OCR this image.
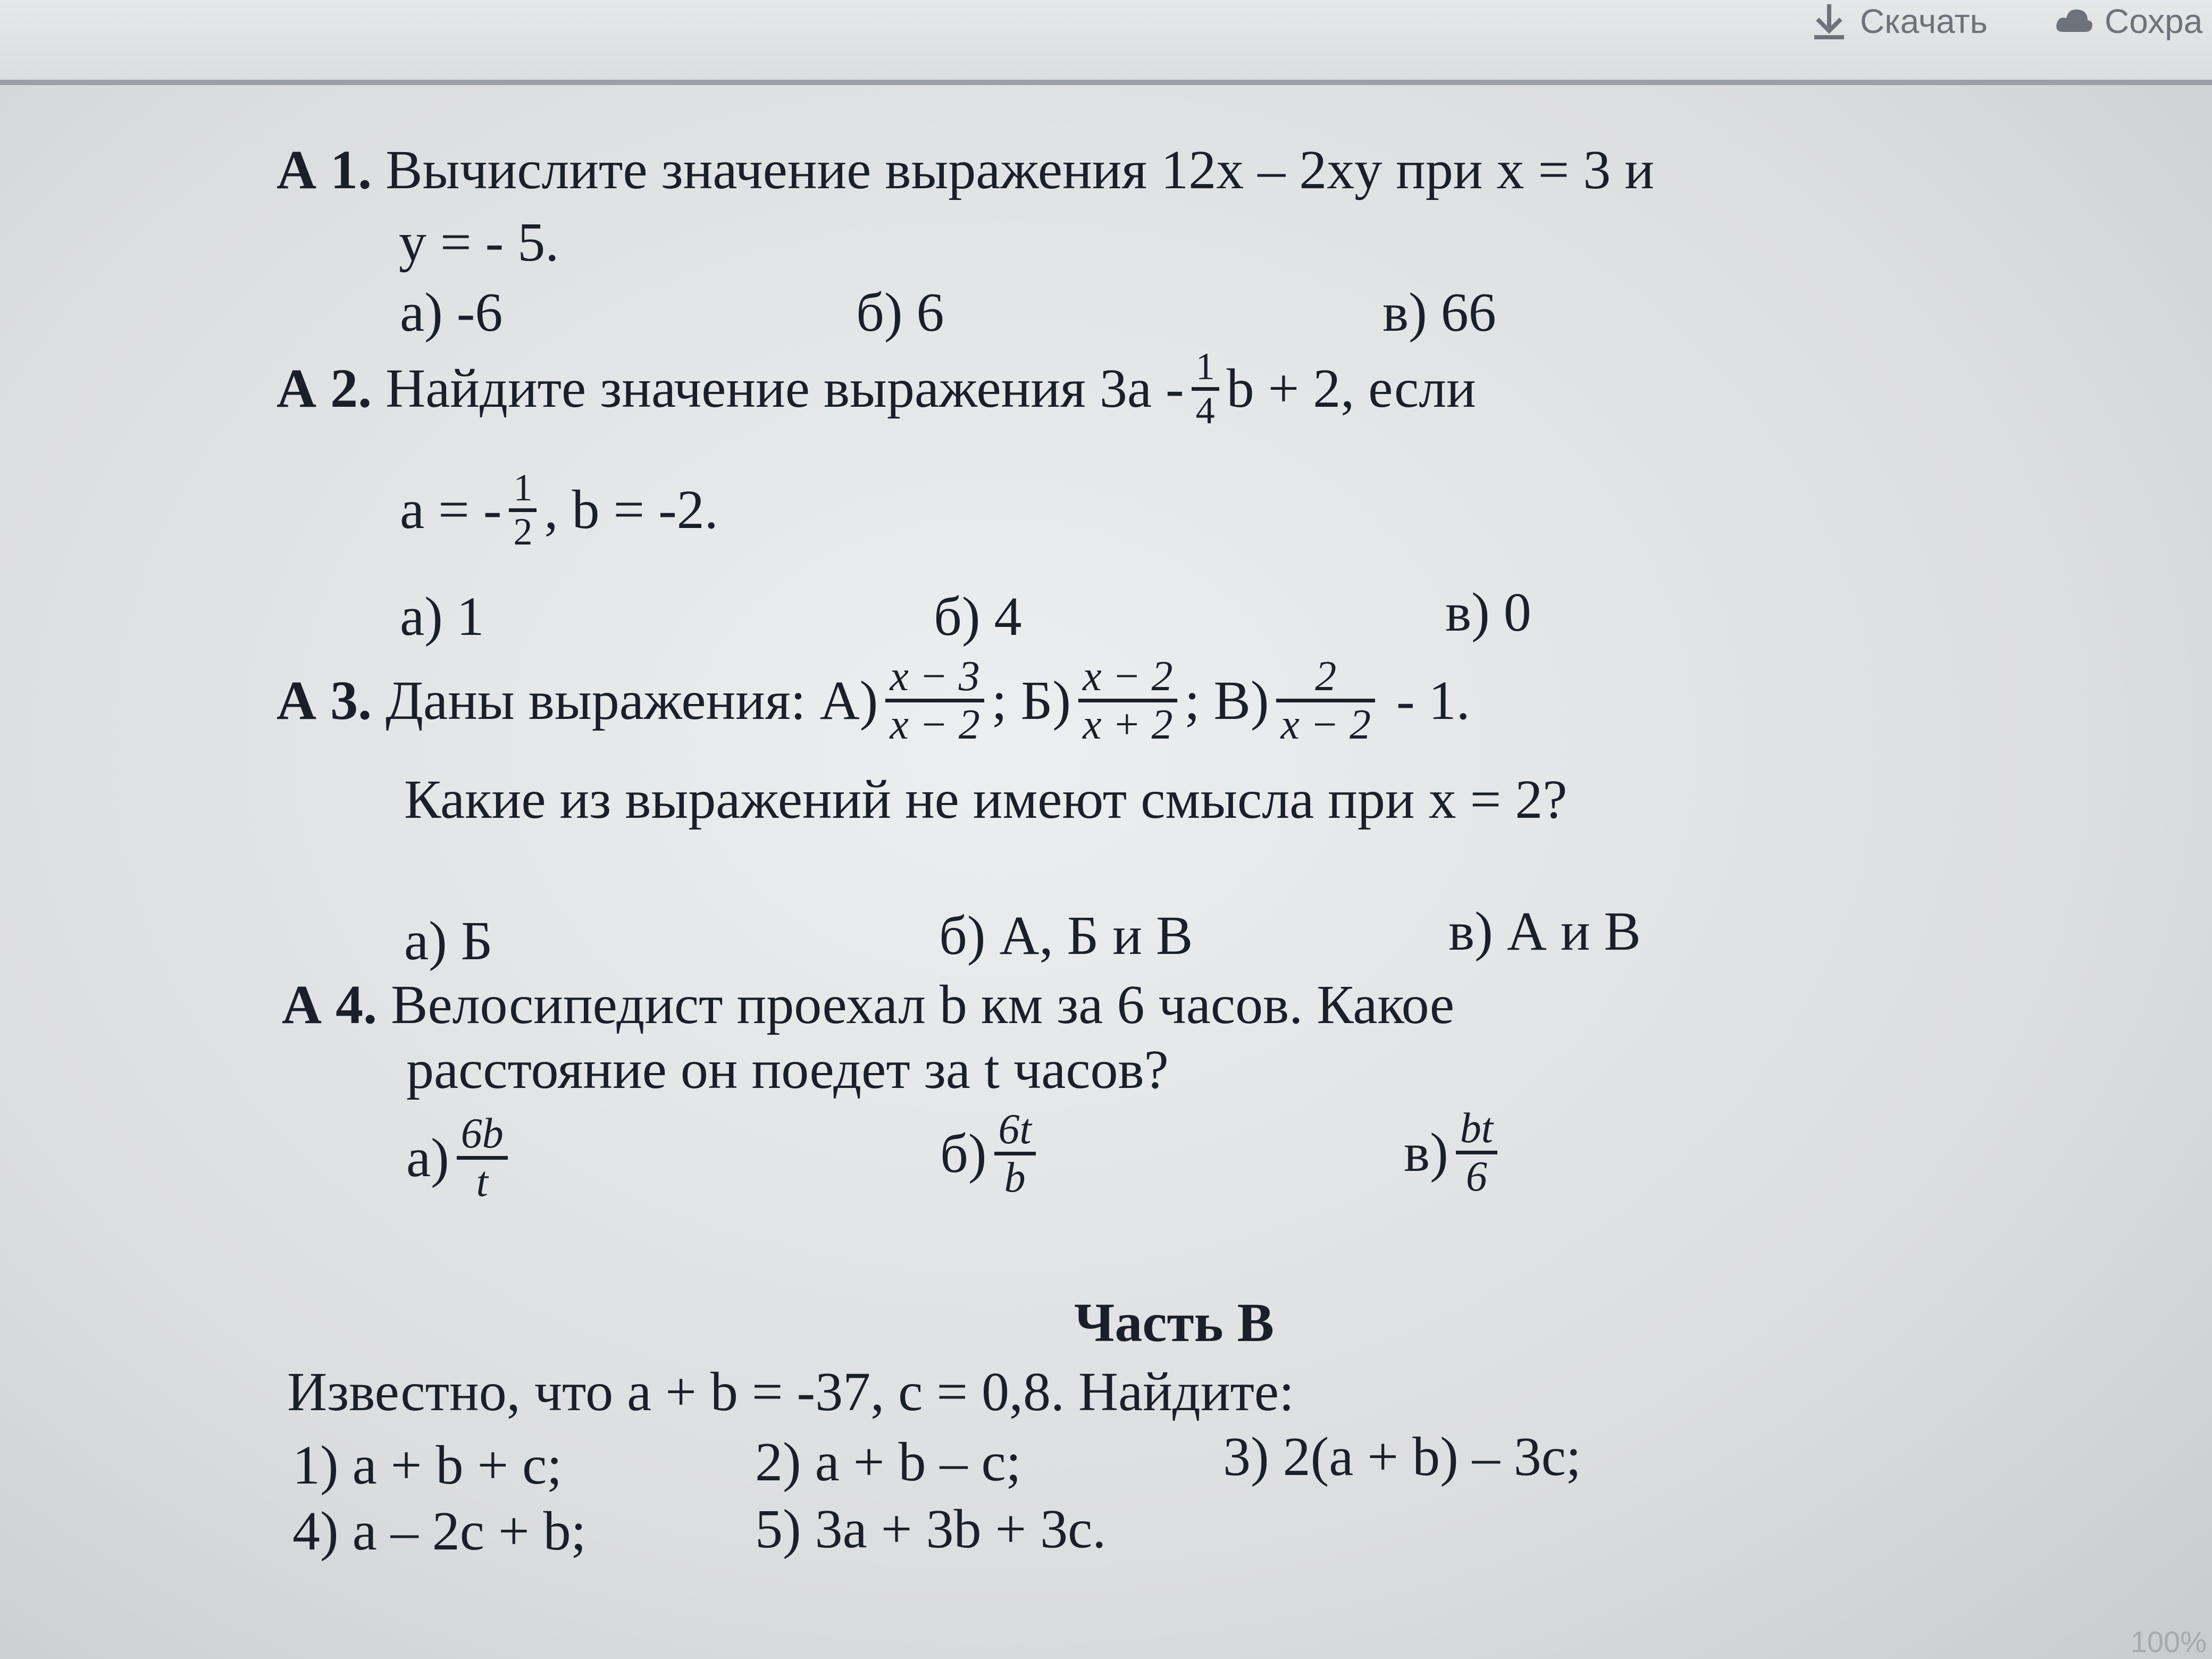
Скачать	Сохра
А 1. Вычислите значение выражения 12x – 2xy при x = 3 и
y = - 5.
а) -6	б) 6	в) 66
А 2. Найдите значение выражения 3a - 1
4 b + 2, если
a = - 1
2 , b = -2.
а) 1	б) 4	в) 0
А 3. Даны выражения: А) x − 3
x − 2 ; Б) x − 2
x + 2 ; В) 2
x − 2 - 1.
Какие из выражений не имеют смысла при x = 2?
а) Б	б) А, Б и В	в) А и В
А 4. Велосипедист проехал b км за 6 часов. Какое
расстояние он поедет за t часов?
а) 6b
t	б) 6t
b	в) bt
6
Часть В
Известно, что a + b = -37, c = 0,8. Найдите:
1) a + b + c;	2) a + b – c;	3) 2(a + b) – 3c;
4) a – 2c + b;	5) 3a + 3b + 3c.
100%
